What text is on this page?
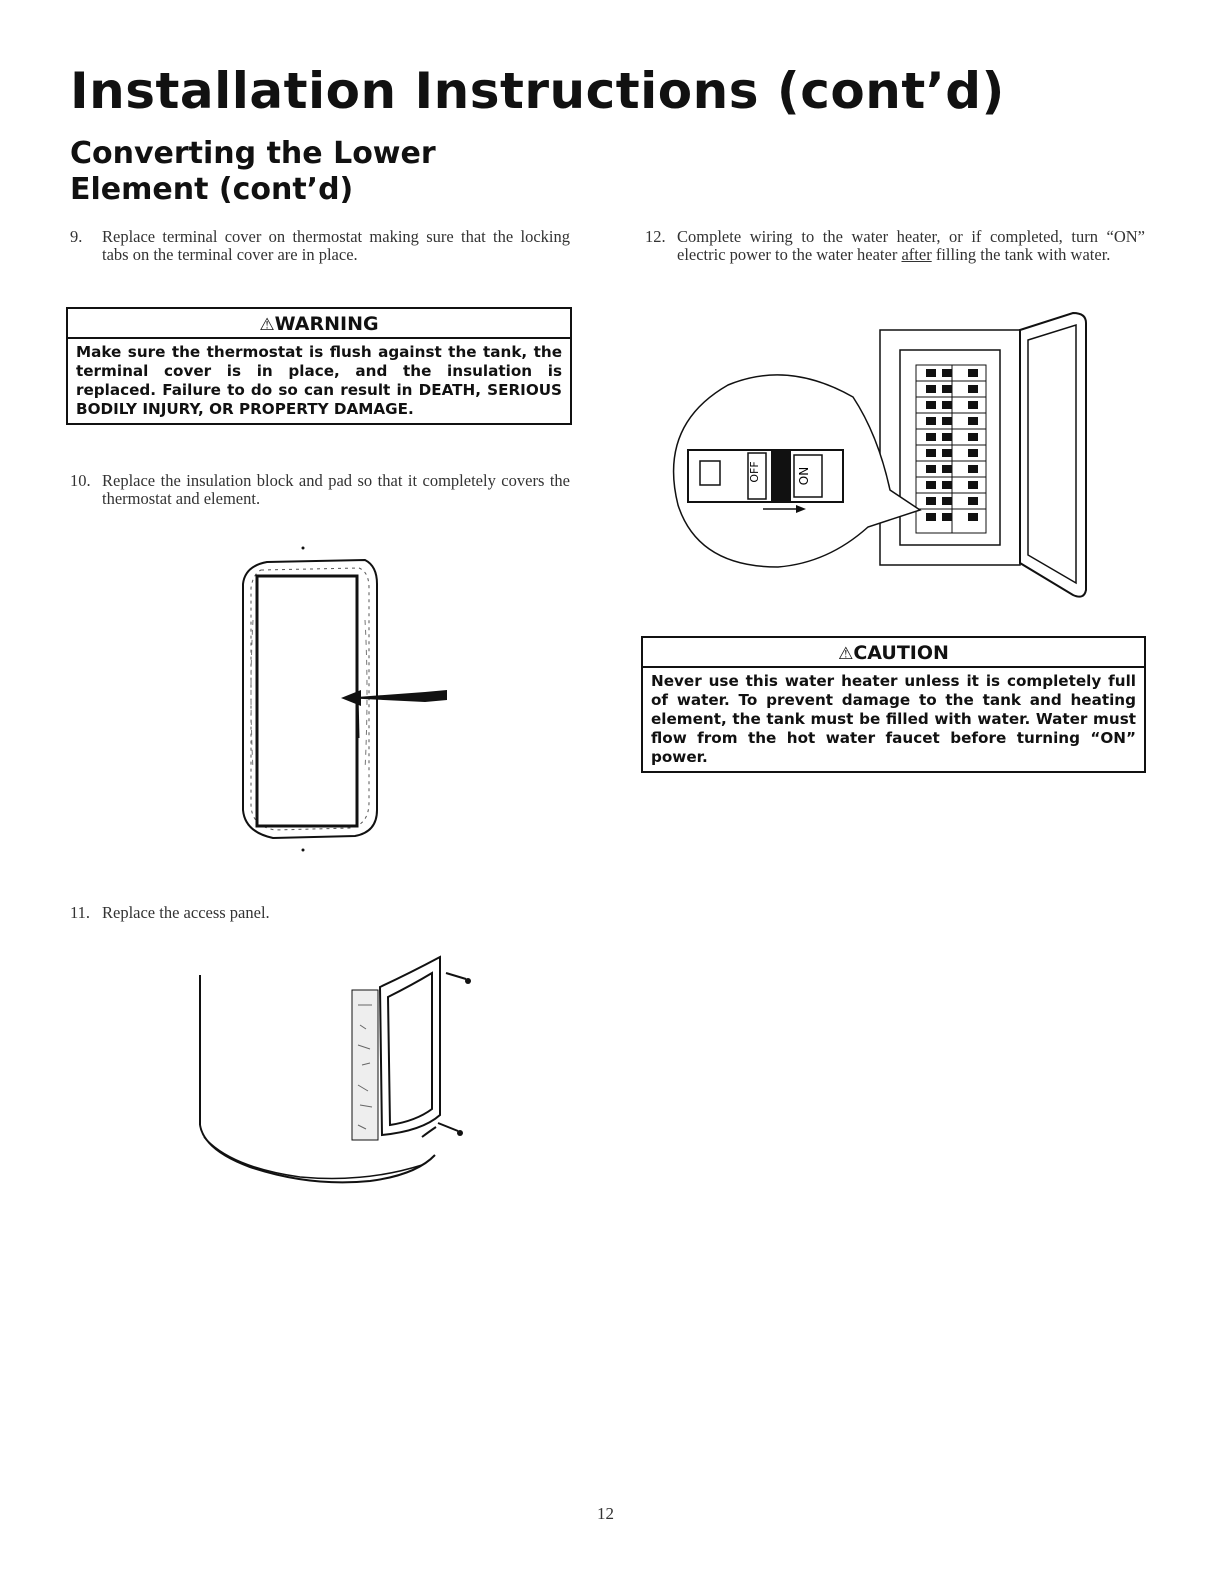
Installation Instructions (cont’d)
Converting the Lower
Element (cont’d)
9.	Replace terminal cover on thermostat making sure that the locking tabs on the terminal cover are in place.
⚠WARNING
Make sure the thermostat is flush against the tank, the terminal cover is in place, and the insulation is replaced. Failure to do so can result in DEATH, SERIOUS BODILY INJURY, OR PROPERTY DAMAGE.
10. Replace the insulation block and pad so that it completely covers the thermostat and element.
11. Replace the access panel.
12. Complete wiring to the water heater, or if completed, turn “ON” electric power to the water heater after filling the tank with water.
OFF	ON
⚠CAUTION
Never use this water heater unless it is completely full of water. To prevent damage to the tank and heating element, the tank must be filled with water. Water must flow from the hot water faucet before turning “ON” power.
12
